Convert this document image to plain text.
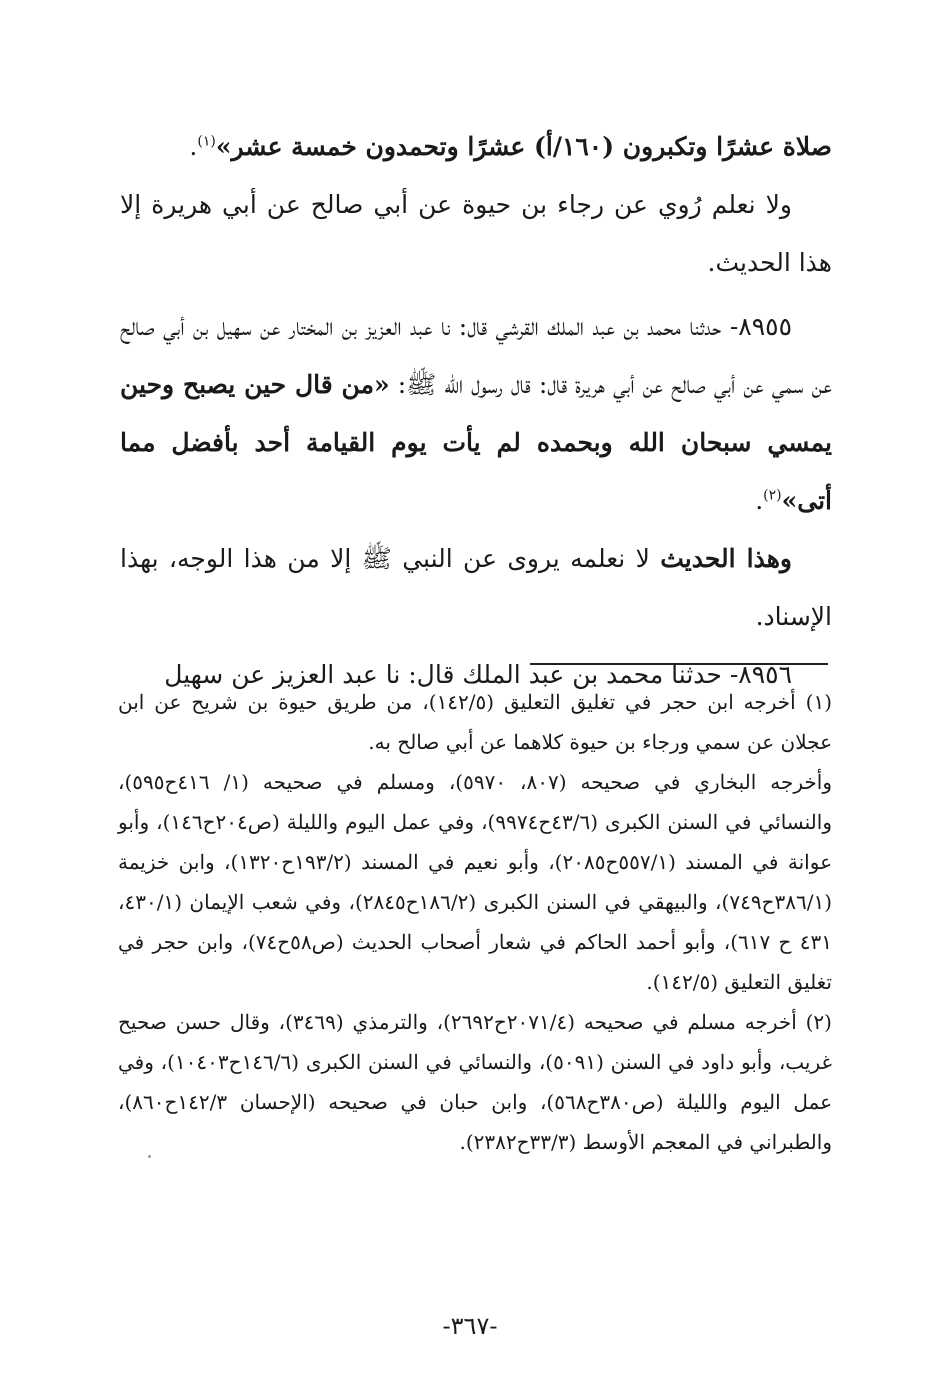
صلاة عشرًا وتكبرون (١٦٠/أ) عشرًا وتحمدون خمسة عشر»$^{(١)}$.

ولا نعلم رُوي عن رجاء بن حيوة عن أبي صالح عن أبي هريرة إلا هذا الحديث.

٨٩٥٥- حدثنا محمد بن عبد الملك القرشي قال: نا عبد العزيز بن المختار عن سهيل بن أبي صالح عن سمي عن أبي صالح عن أبي هريرة قال: قال رسول الله ﷺ: «من قال حين يصبح وحين يمسي سبحان الله وبحمده لم يأت يوم القيامة أحد بأفضل مما أتى»$^{(٢)}$.

وهذا الحديث لا نعلمه يروى عن النبي ﷺ إلا من هذا الوجه، بهذا الإسناد.

٨٩٥٦- حدثنا محمد بن عبد الملك قال: نا عبد العزيز عن سهيل

(١) أخرجه ابن حجر في تغليق التعليق (١٤٢/٥)، من طريق حيوة بن شريح عن ابن عجلان عن سمي ورجاء بن حيوة كلاهما عن أبي صالح به.

وأخرجه البخاري في صحيحه (٨٠٧، ٥٩٧٠)، ومسلم في صحيحه (١/ ٤١٦ح٥٩٥)، والنسائي في السنن الكبرى (٤٣/٦ح٩٩٧٤)، وفي عمل اليوم والليلة (ص٢٠٤ح١٤٦)، وأبو عوانة في المسند (٥٥٧/١ح٢٠٨٥)، وأبو نعيم في المسند (١٩٣/٢ح١٣٢٠)، وابن خزيمة (٣٨٦/١ح٧٤٩)، والبيهقي في السنن الكبرى (١٨٦/٢ح٢٨٤٥)، وفي شعب الإيمان (٤٣٠/١، ٤٣١ ح ٦١٧)، وأبو أحمد الحاكم في شعار أصحاب الحديث (ص٥٨ح٧٤)، وابن حجر في تغليق التعليق (١٤٢/٥).

(٢) أخرجه مسلم في صحيحه (٢٠٧١/٤ح٢٦٩٢)، والترمذي (٣٤٦٩)، وقال حسن صحيح غريب، وأبو داود في السنن (٥٠٩١)، والنسائي في السنن الكبرى (١٤٦/٦ح١٠٤٠٣)، وفي عمل اليوم والليلة (ص٣٨٠ح٥٦٨)، وابن حبان في صحيحه (الإحسان ١٤٢/٣ح٨٦٠)، والطبراني في المعجم الأوسط (٣٣/٣ح٢٣٨٢).

-٣٦٧-
